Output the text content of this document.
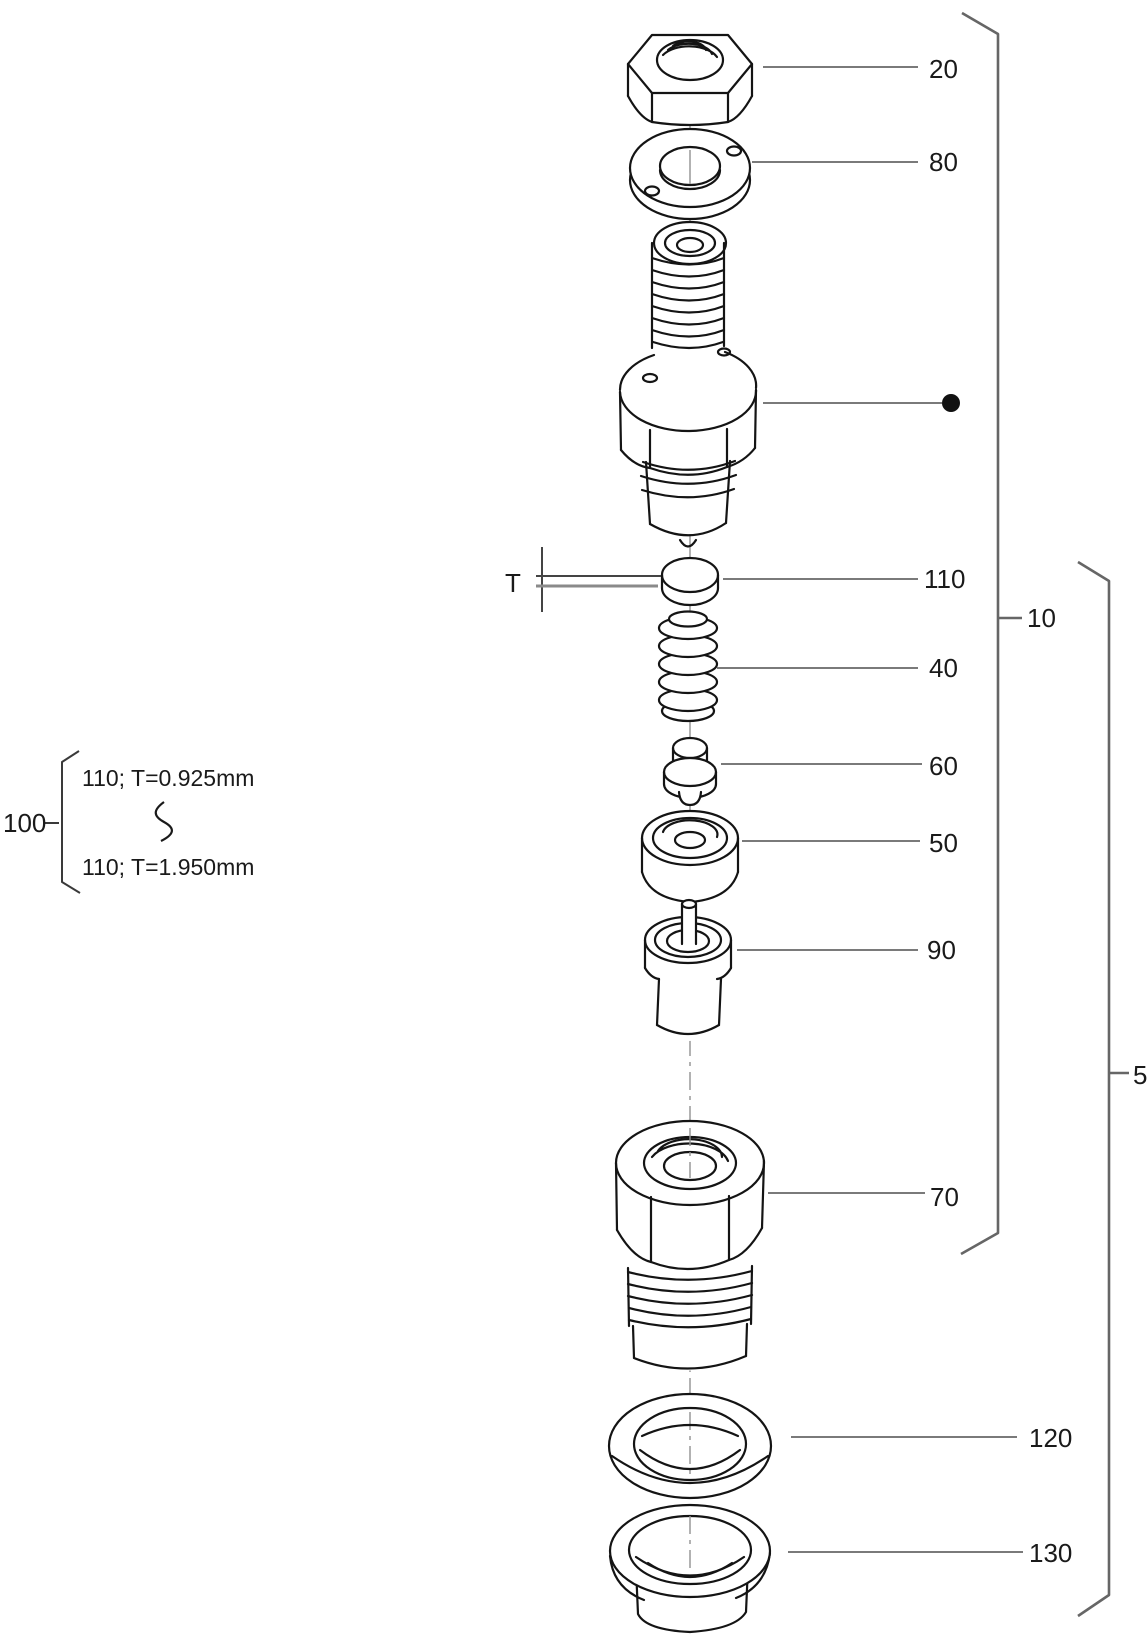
20
80
110
40
60
50
90
70
120
130
10
5
100
T
110; T=0.925mm
110; T=1.950mm
